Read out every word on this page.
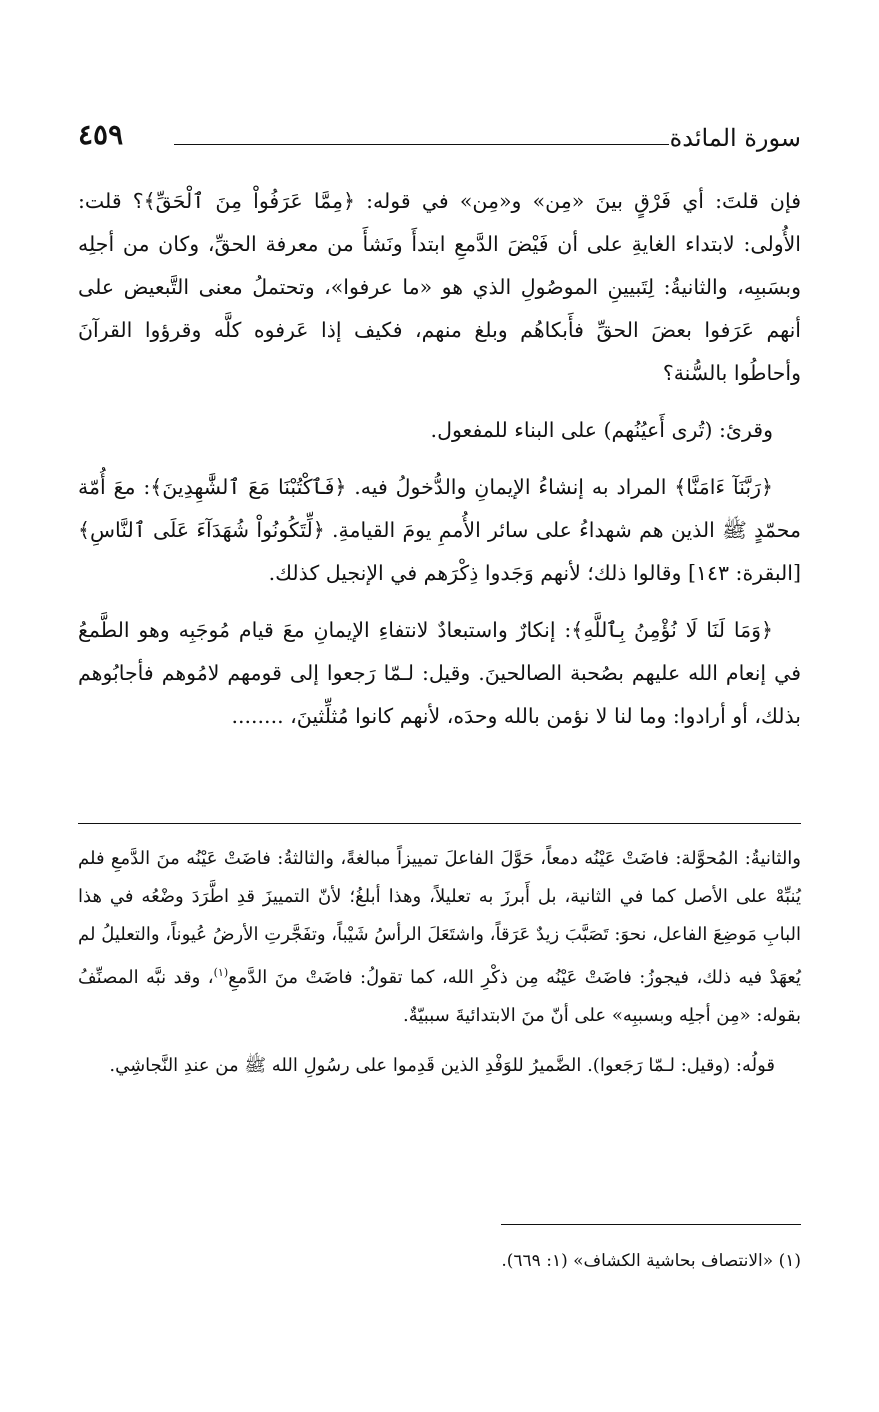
سورة المائدة
٤٥٩

فإن قلتَ: أي فَرْقٍ بينَ «مِن» و«مِن» في قوله: ﴿مِمَّا عَرَفُواْ مِنَ ٱلْحَقِّ﴾؟ قلت: الأُولى: لابتداء الغايةِ على أن فَيْضَ الدَّمعِ ابتدأَ ونَشأَ من معرفة الحقِّ، وكان من أجلِه وبسَببِه، والثانيةُ: لِتَبيينِ الموصُولِ الذي هو «ما عرفوا»، وتحتملُ معنى التَّبعيض على أنهم عَرَفوا بعضَ الحقِّ فأَبكاهُم وبلغ منهم، فكيف إذا عَرفوه كلَّه وقرؤوا القرآنَ وأحاطُوا بالسُّنة؟

وقرئ: (تُرى أَعيُنُهم) على البناء للمفعول.

﴿رَبَّنَآ ءَامَنَّا﴾ المراد به إنشاءُ الإيمانِ والدُّخولُ فيه. ﴿فَٱكْتُبْنَا مَعَ ٱلشَّٰهِدِينَ﴾: معَ أُمّة محمّدٍ ﷺ الذين هم شهداءُ على سائر الأُممِ يومَ القيامةِ. ﴿لِّتَكُونُواْ شُهَدَآءَ عَلَى ٱلنَّاسِ﴾ [البقرة: ١٤٣] وقالوا ذلك؛ لأنهم وَجَدوا ذِكْرَهم في الإنجيل كذلك.

﴿وَمَا لَنَا لَا نُؤْمِنُ بِٱللَّهِ﴾: إنكارٌ واستبعادٌ لانتفاءِ الإيمانِ معَ قيام مُوجَبِه وهو الطَّمعُ في إنعام الله عليهم بصُحبة الصالحينَ. وقيل: لـمّا رَجعوا إلى قومهم لامُوهم فأجابُوهم بذلك، أو أرادوا: وما لنا لا نؤمن بالله وحدَه، لأنهم كانوا مُثلِّثينَ، ........

والثانيةُ: المُحوَّلة: فاضَتْ عَيْنُه دمعاً، حَوَّلَ الفاعلَ تمييزاً مبالغةً، والثالثةُ: فاضَتْ عَيْنُه منَ الدَّمعِ فلم يُنبِّهْ على الأصل كما في الثانية، بل أَبرزَ به تعليلاً، وهذا أبلغُ؛ لأنّ التمييزَ قدِ اطَّرَدَ وضْعُه في هذا البابِ مَوضِعَ الفاعل، نحوَ: تَصَبَّبَ زيدٌ عَرَقاً، واشتَعَلَ الرأسُ شَيْباً، وتفَجَّرتِ الأرضُ عُيوناً، والتعليلُ لم يُعهَدْ فيه ذلك، فيجوزُ: فاضَتْ عَيْنُه مِن ذكْرِ الله، كما تقولُ: فاضَتْ منَ الدَّمعِ$^{(١)}$، وقد نبَّه المصنِّفُ بقوله: «مِن أجلِه وبسببِه» على أنّ منَ الابتدائيةَ سببيّةٌ.

قولُه: (وقيل: لـمّا رَجَعوا). الضَّميرُ للوَفْدِ الذين قَدِموا على رسُولِ الله ﷺ من عندِ النَّجاشِي.

(١) «الانتصاف بحاشية الكشاف» (١: ٦٦٩).
